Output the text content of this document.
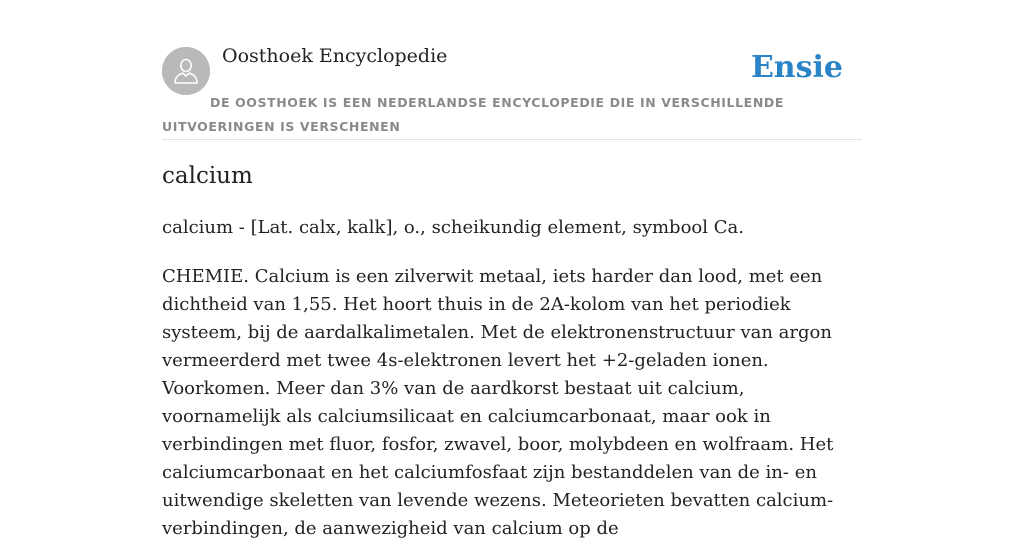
Oosthoek Encyclopedie	Ensie
DE OOSTHOEK IS EEN NEDERLANDSE ENCYCLOPEDIE DIE IN VERSCHILLENDE UITVOERINGEN IS VERSCHENEN
calcium

calcium - [Lat. calx, kalk], o., scheikundig element, symbool Ca.

CHEMIE. Calcium is een zilverwit metaal, iets harder dan lood, met een dichtheid van 1,55. Het hoort thuis in de 2A-kolom van het periodiek systeem, bij de aardalkalimetalen. Met de elektronenstructuur van argon vermeerderd met twee 4s-elektronen levert het +2-geladen ionen. Voorkomen. Meer dan 3% van de aardkorst bestaat uit calcium, voornamelijk als calciumsilicaat en calciumcarbonaat, maar ook in verbindingen met fluor, fosfor, zwavel, boor, molybdeen en wolfraam. Het calciumcarbonaat en het calciumfosfaat zijn bestanddelen van de in- en uitwendige skeletten van levende wezens. Meteorieten bevatten calcium-verbindingen, de aanwezigheid van calcium op de
